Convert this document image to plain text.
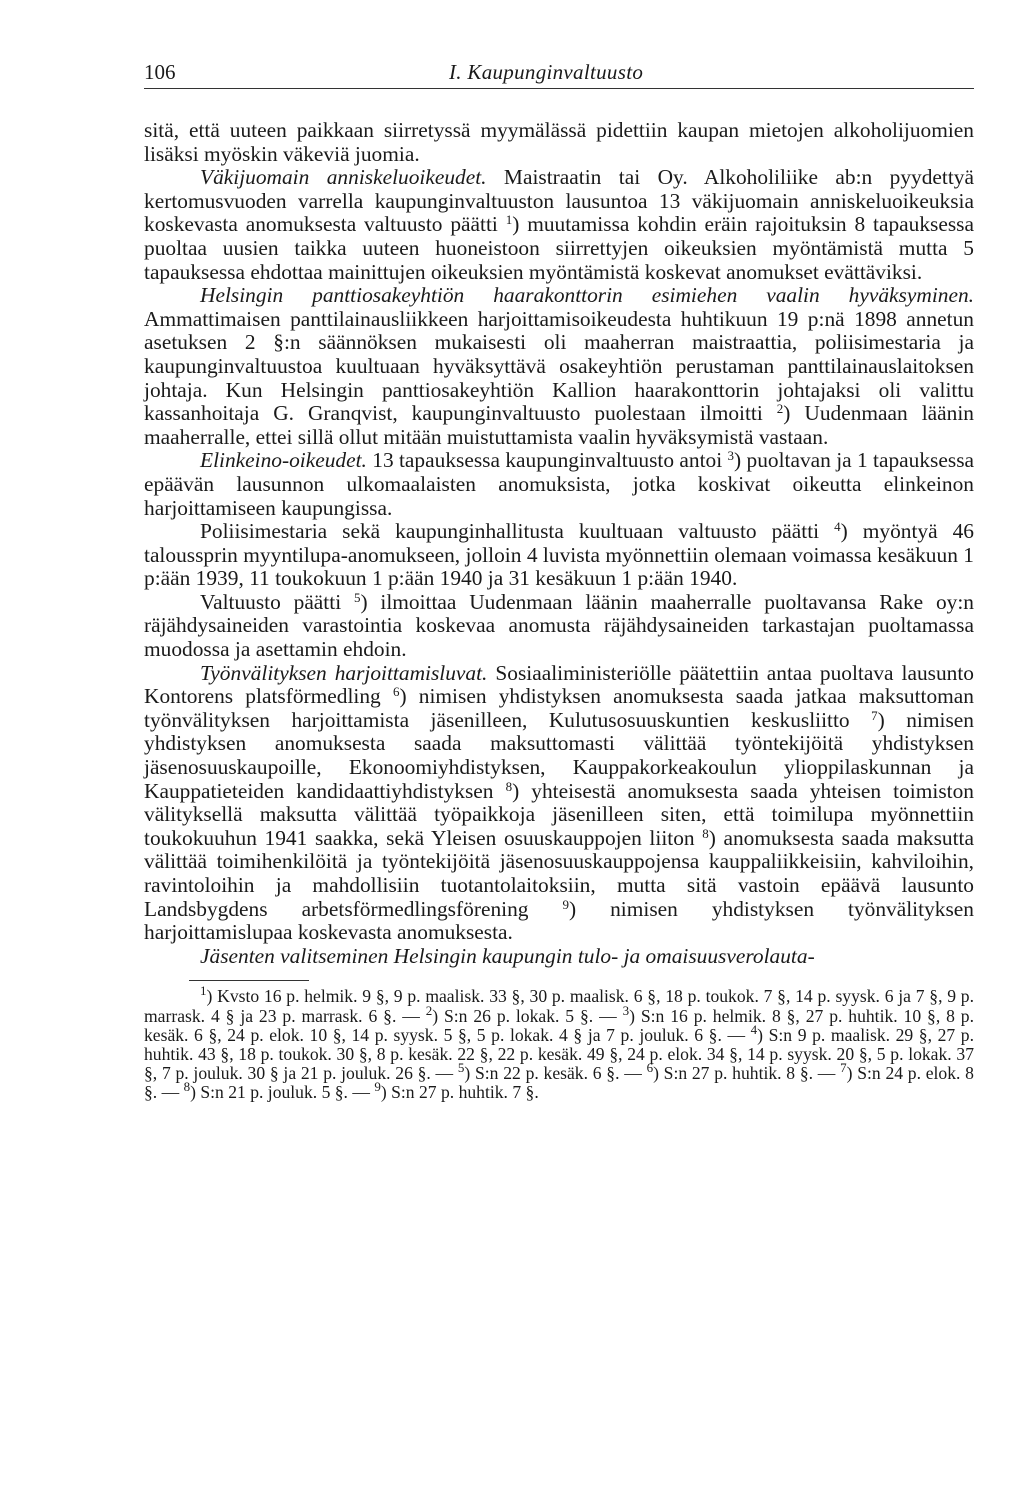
106	I. Kaupunginvaltuusto

sitä, että uuteen paikkaan siirretyssä myymälässä pidettiin kaupan mietojen alkoholijuomien lisäksi myöskin väkeviä juomia.

Väkijuomain anniskeluoikeudet. Maistraatin tai Oy. Alkoholiliike ab:n pyydettyä kertomusvuoden varrella kaupunginvaltuuston lausuntoa 13 väkijuomain anniskeluoikeuksia koskevasta anomuksesta valtuusto päätti $^1$) muutamissa kohdin eräin rajoituksin 8 tapauksessa puoltaa uusien taikka uuteen huoneistoon siirrettyjen oikeuksien myöntämistä mutta 5 tapauksessa ehdottaa mainittujen oikeuksien myöntämistä koskevat anomukset evättäviksi.

Helsingin panttiosakeyhtiön haarakonttorin esimiehen vaalin hyväksyminen. Ammattimaisen panttilainausliikkeen harjoittamisoikeudesta huhtikuun 19 p:nä 1898 annetun asetuksen 2 §:n säännöksen mukaisesti oli maaherran maistraattia, poliisimestaria ja kaupunginvaltuustoa kuultuaan hyväksyttävä osakeyhtiön perustaman panttilainauslaitoksen johtaja. Kun Helsingin panttiosakeyhtiön Kallion haarakonttorin johtajaksi oli valittu kassanhoitaja G. Granqvist, kaupunginvaltuusto puolestaan ilmoitti $^2$) Uudenmaan läänin maaherralle, ettei sillä ollut mitään muistuttamista vaalin hyväksymistä vastaan.

Elinkeino-oikeudet. 13 tapauksessa kaupunginvaltuusto antoi $^3$) puoltavan ja 1 tapauksessa epäävän lausunnon ulkomaalaisten anomuksista, jotka koskivat oikeutta elinkeinon harjoittamiseen kaupungissa.

Poliisimestaria sekä kaupunginhallitusta kuultuaan valtuusto päätti $^4$) myöntyä 46 taloussprin myyntilupa-anomukseen, jolloin 4 luvista myönnettiin olemaan voimassa kesäkuun 1 p:ään 1939, 11 toukokuun 1 p:ään 1940 ja 31 kesäkuun 1 p:ään 1940.

Valtuusto päätti $^5$) ilmoittaa Uudenmaan läänin maaherralle puoltavansa Rake oy:n räjähdysaineiden varastointia koskevaa anomusta räjähdysaineiden tarkastajan puoltamassa muodossa ja asettamin ehdoin.

Työnvälityksen harjoittamisluvat. Sosiaaliministeriölle päätettiin antaa puoltava lausunto Kontorens platsförmedling $^6$) nimisen yhdistyksen anomuksesta saada jatkaa maksuttoman työnvälityksen harjoittamista jäsenilleen, Kulutusosuuskuntien keskusliitto $^7$) nimisen yhdistyksen anomuksesta saada maksuttomasti välittää työntekijöitä yhdistyksen jäsenosuuskaupoille, Ekonoomiyhdistyksen, Kauppakorkeakoulun ylioppilaskunnan ja Kauppatieteiden kandidaattiyhdistyksen $^8$) yhteisestä anomuksesta saada yhteisen toimiston välityksellä maksutta välittää työpaikkoja jäsenilleen siten, että toimilupa myönnettiin toukokuuhun 1941 saakka, sekä Yleisen osuuskauppojen liiton $^8$) anomuksesta saada maksutta välittää toimihenkilöitä ja työntekijöitä jäsenosuuskauppojensa kauppaliikkeisiin, kahviloihin, ravintoloihin ja mahdollisiin tuotantolaitoksiin, mutta sitä vastoin epäävä lausunto Landsbygdens arbetsförmedlingsförening	$^9$) nimisen yhdistyksen työnvälityksen harjoittamislupaa koskevasta anomuksesta.

Jäsenten valitseminen Helsingin kaupungin tulo- ja omaisuusverolauta-

$^1$) Kvsto 16 p. helmik. 9 §, 9 p. maalisk. 33 §, 30 p. maalisk. 6 §, 18 p. toukok. 7 §, 14 p. syysk. 6 ja 7 §, 9 p. marrask. 4 § ja 23 p. marrask. 6 §. — $^2$) S:n 26 p. lokak. 5 §. — $^3$) S:n 16 p. helmik. 8 §, 27 p. huhtik. 10 §, 8 p. kesäk. 6 §, 24 p. elok. 10 §, 14 p. syysk. 5 §, 5 p. lokak. 4 § ja 7 p. jouluk. 6 §. — $^4$) S:n 9 p. maalisk. 29 §, 27 p. huhtik. 43 §, 18 p. toukok. 30 §, 8 p. kesäk. 22 §, 22 p. kesäk. 49 §, 24 p. elok. 34 §, 14 p. syysk. 20 §, 5 p. lokak. 37 §, 7 p. jouluk. 30 § ja 21 p. jouluk. 26 §. — $^5$) S:n 22 p. kesäk. 6 §. — $^6$) S:n 27 p. huhtik. 8 §. — $^7$) S:n 24 p. elok. 8 §. — $^8$) S:n 21 p. jouluk. 5 §. — $^9$) S:n 27 p. huhtik. 7 §.
